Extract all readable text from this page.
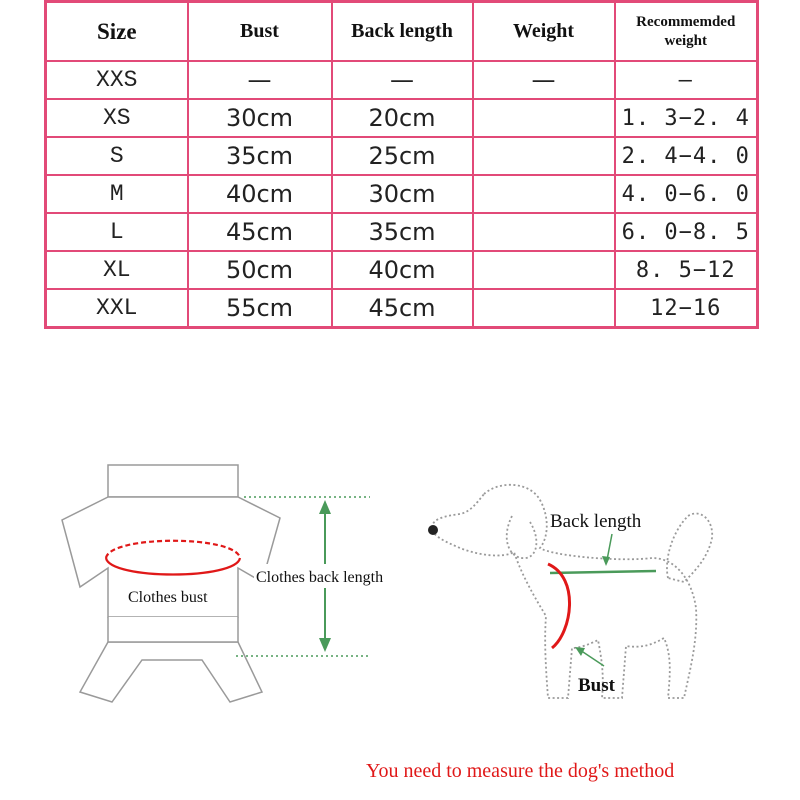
Size	Bust	Back length	Weight	Recommemded weight
XXS	—	—	—	—
XS	30cm	20cm		1. 3−2. 4
S	35cm	25cm		2. 4−4. 0
M	40cm	30cm		4. 0−6. 0
L	45cm	35cm		6. 0−8. 5
XL	50cm	40cm		8. 5−12
XXL	55cm	45cm		12−16
Clothes bust
Clothes back length
Back length
Bust
You need to measure the dog's method
